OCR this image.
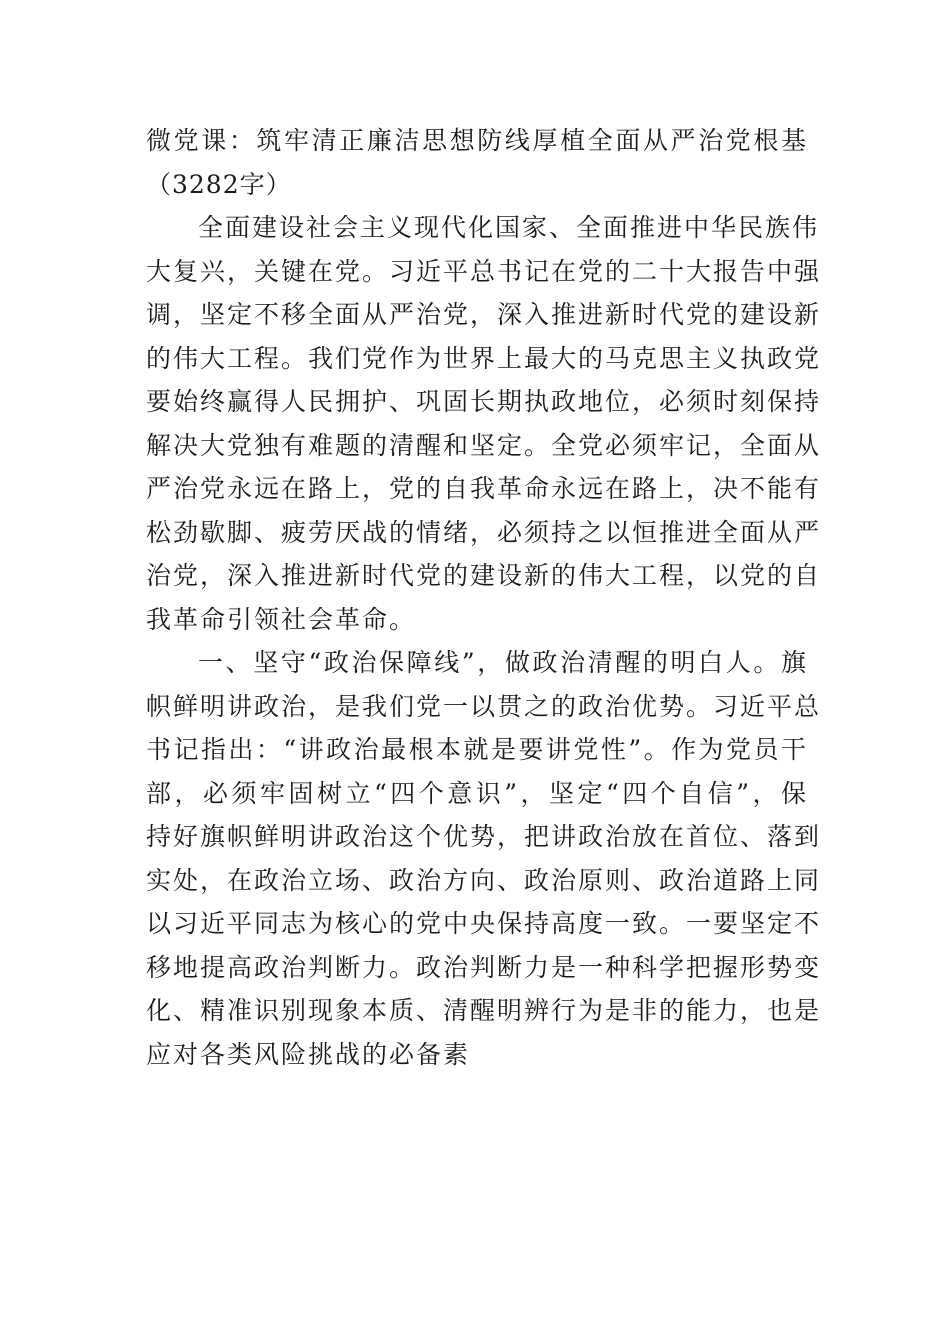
微党课：筑牢清正廉洁思想防线厚植全面从严治党根基
（3282字）
全面建设社会主义现代化国家、全面推进中华民族伟
大复兴，关键在党。习近平总书记在党的二十大报告中强
调，坚定不移全面从严治党，深入推进新时代党的建设新
的伟大工程。我们党作为世界上最大的马克思主义执政党
要始终赢得人民拥护、巩固长期执政地位，必须时刻保持
解决大党独有难题的清醒和坚定。全党必须牢记，全面从
严治党永远在路上，党的自我革命永远在路上，决不能有
松劲歇脚、疲劳厌战的情绪，必须持之以恒推进全面从严
治党，深入推进新时代党的建设新的伟大工程，以党的自
我革命引领社会革命。
一、坚守“政治保障线”，做政治清醒的明白人。旗
帜鲜明讲政治，是我们党一以贯之的政治优势。习近平总
书记指出：“讲政治最根本就是要讲党性”。作为党员干
部，必须牢固树立“四个意识”，坚定“四个自信”，保
持好旗帜鲜明讲政治这个优势，把讲政治放在首位、落到
实处，在政治立场、政治方向、政治原则、政治道路上同
以习近平同志为核心的党中央保持高度一致。一要坚定不
移地提高政治判断力。政治判断力是一种科学把握形势变
化、精准识别现象本质、清醒明辨行为是非的能力，也是
应对各类风险挑战的必备素
